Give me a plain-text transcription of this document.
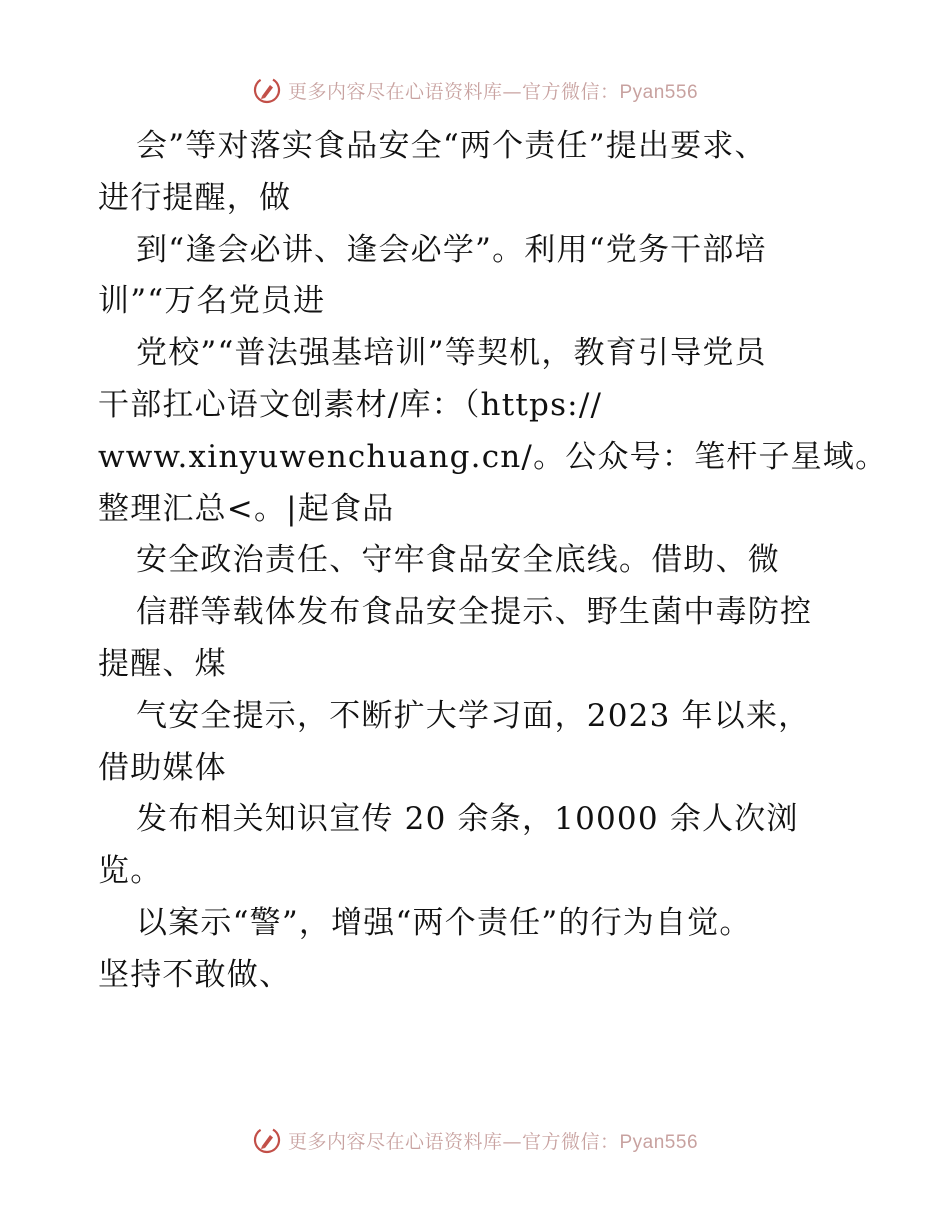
更多内容尽在心语资料库—官方微信：Pyan556
会”等对落实食品安全“两个责任”提出要求、
进行提醒，做
到“逢会必讲、逢会必学”。利用“党务干部培
训”“万名党员进
党校”“普法强基培训”等契机，教育引导党员
干部扛心语文创素材/库：（https://
www.xinyuwenchuang.cn/。公众号：笔杆子星域。
整理汇总<。|起食品
安全政治责任、守牢食品安全底线。借助、微
信群等载体发布食品安全提示、野生菌中毒防控
提醒、煤
气安全提示，不断扩大学习面，2023 年以来，
借助媒体
发布相关知识宣传 20 余条，10000 余人次浏
览。
以案示“警”，增强“两个责任”的行为自觉。
坚持不敢做、
更多内容尽在心语资料库—官方微信：Pyan556
